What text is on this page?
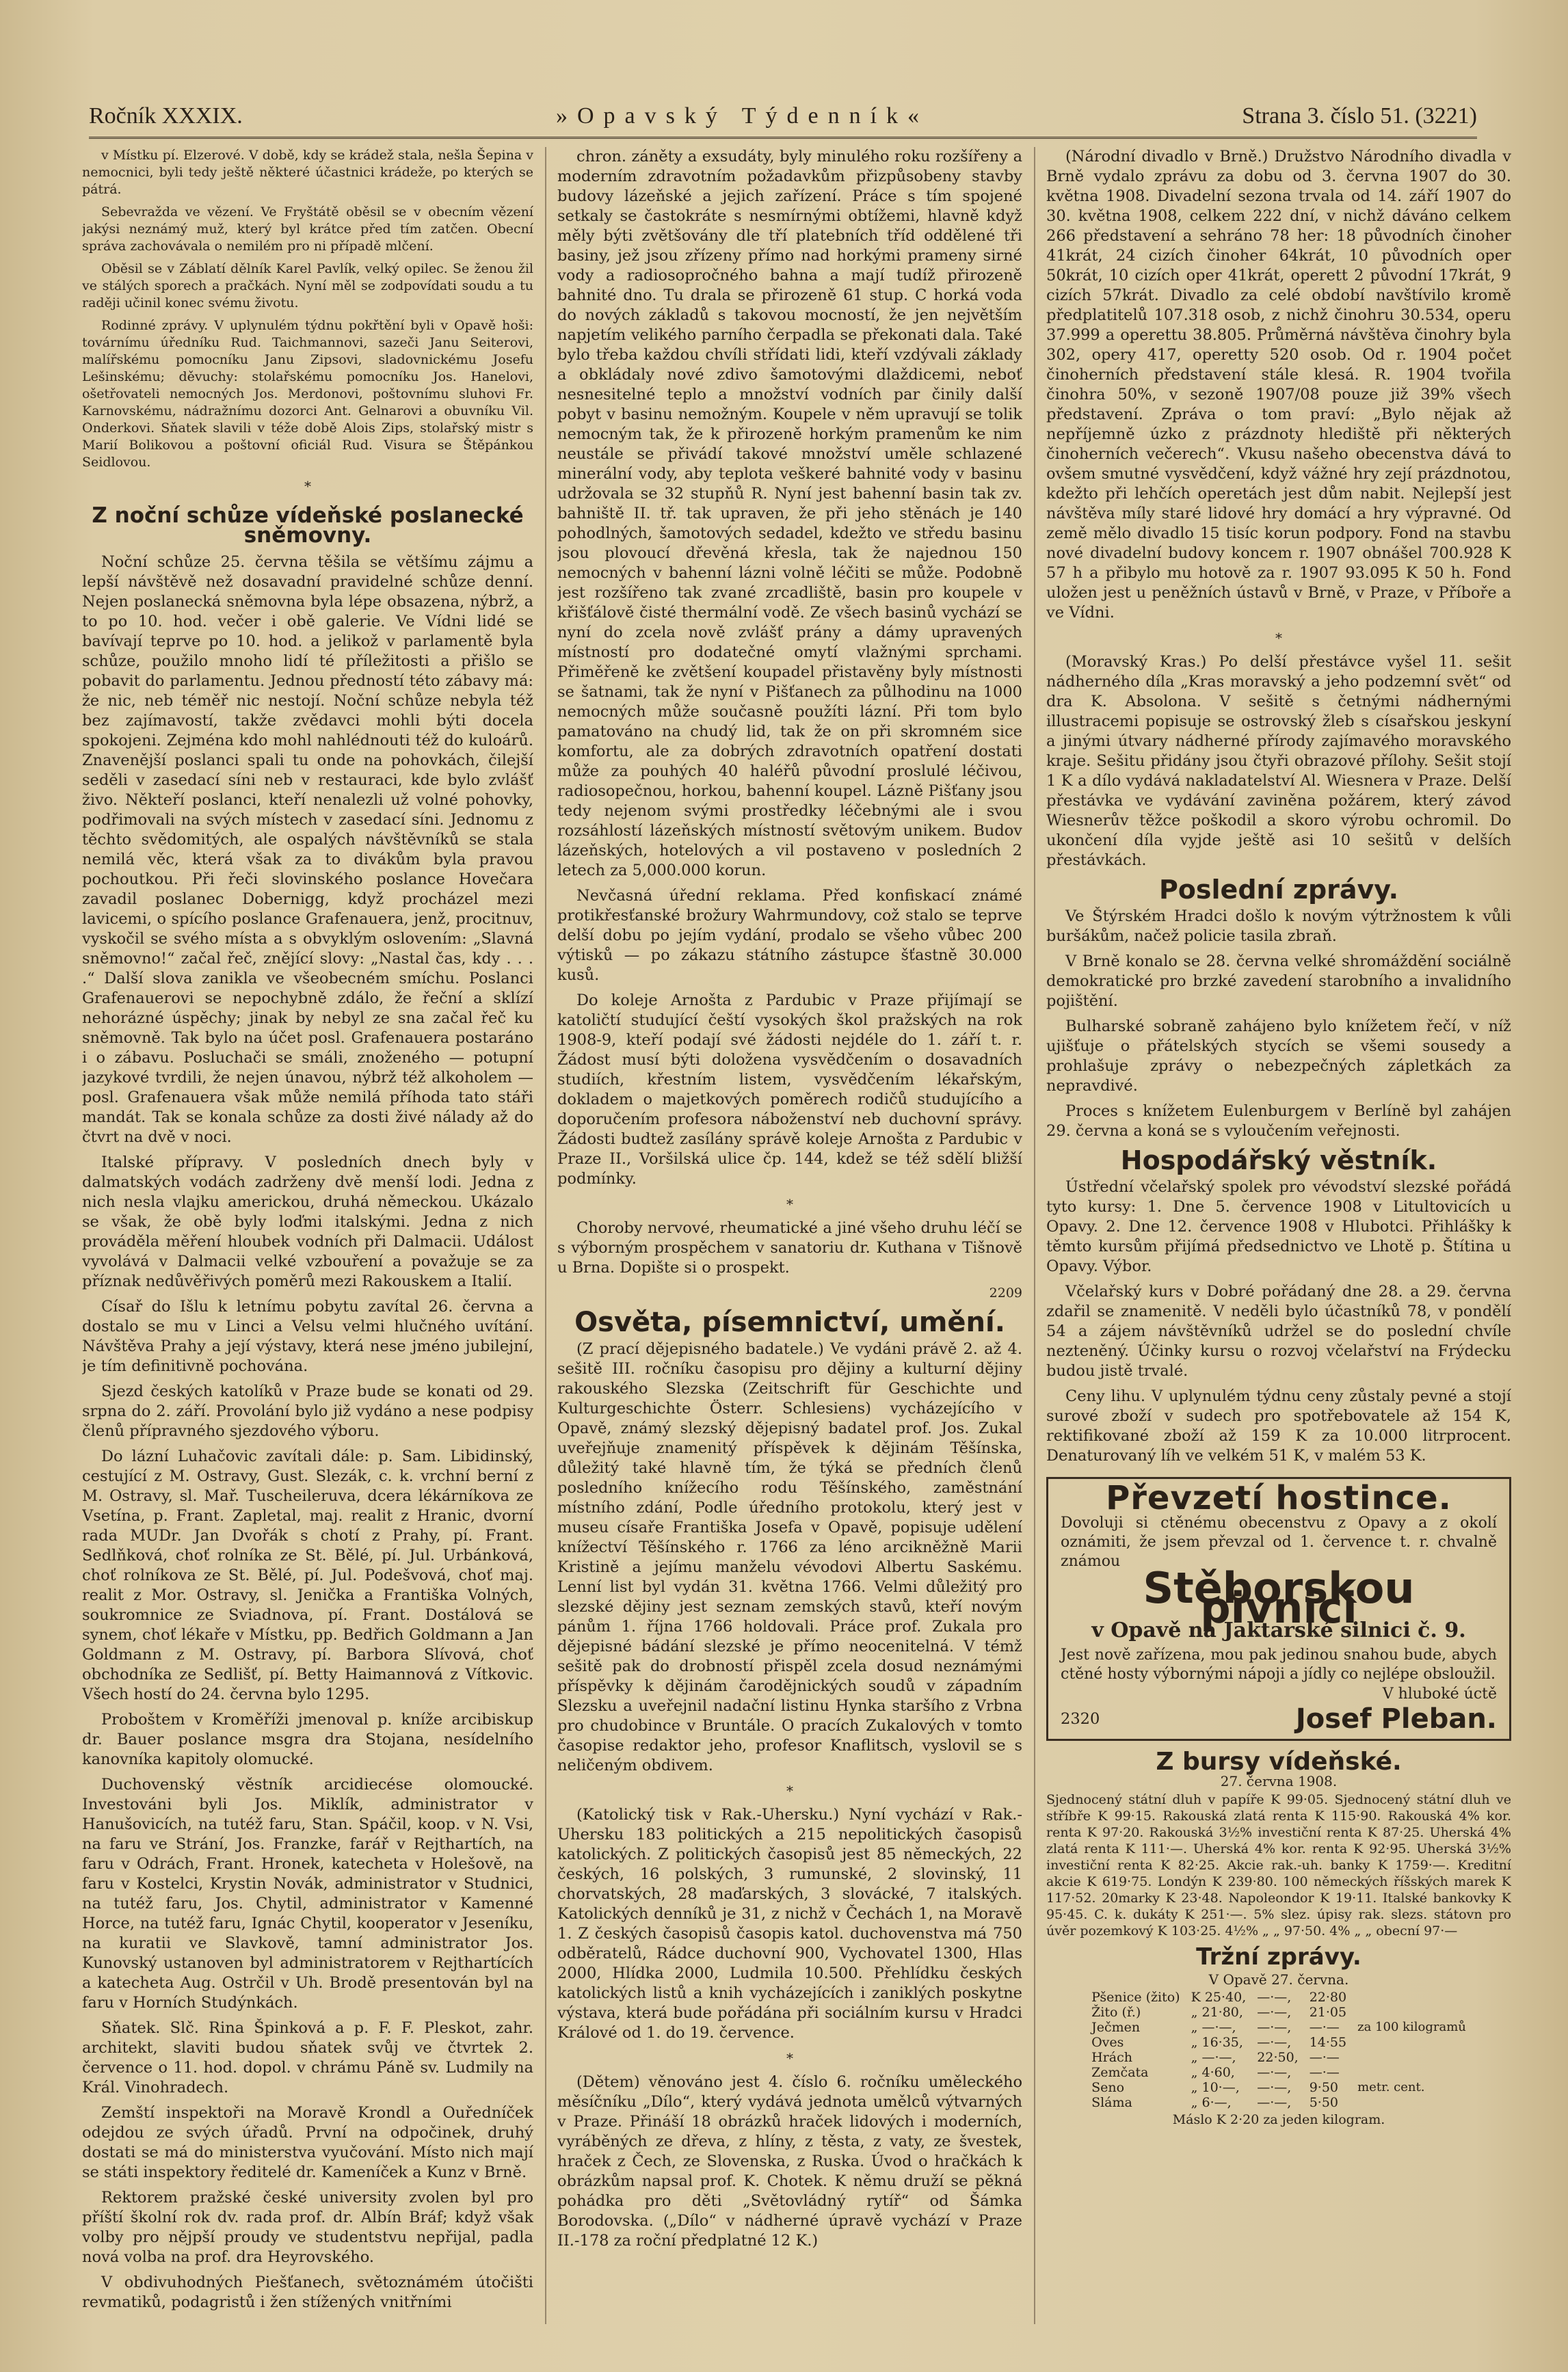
Ročník XXXIX.	»Opavský Týdenník«	Strana 3. číslo 51. (3221)

v Místku pí. Elzerové. V době, kdy se krádež stala, nešla Šepina v nemocnici, byli tedy ještě některé účastnici krádeže, po kterých se pátrá.

Sebevražda ve vězení. Ve Fryštátě oběsil se v obecním vězení jakýsi neznámý muž, který byl krátce před tím zatčen. Obecní správa zachovávala o nemilém pro ni případě mlčení.

Oběsil se v Záblatí dělník Karel Pavlík, velký opilec. Se ženou žil ve stálých sporech a pračkách. Nyní měl se zodpovídati soudu a tu raději učinil konec svému životu.

Rodinné zprávy. V uplynulém týdnu pokřtění byli v Opavě hoši: továrnímu úředníku Rud. Taichmannovi, sazeči Janu Seiterovi, malířskému pomocníku Janu Zipsovi, sladovnickému Josefu Lešinskému; děvuchy: stolařskému pomocníku Jos. Hanelovi, ošetřovateli nemocných Jos. Merdonovi, poštovnímu sluhovi Fr. Karnovskému, nádražnímu dozorci Ant. Gelnarovi a obuvníku Vil. Onderkovi. Sňatek slavili v téže době Alois Zips, stolařský mistr s Marií Bolikovou a poštovní oficiál Rud. Visura se Štěpánkou Seidlovou.

*
Z noční schůze vídeňské poslanecké sněmovny.

Noční schůze 25. června těšila se většímu zájmu a lepší návštěvě než dosavadní pravidelné schůze denní. Nejen poslanecká sněmovna byla lépe obsazena, nýbrž, a to po 10. hod. večer i obě galerie. Ve Vídni lidé se bavívají teprve po 10. hod. a jelikož v parlamentě byla schůze, použilo mnoho lidí té příležitosti a přišlo se pobavit do parlamentu. Jednou předností této zábavy má: že nic, neb téměř nic nestojí. Noční schůze nebyla též bez zajímavostí, takže zvědavci mohli býti docela spokojeni. Zejména kdo mohl nahlédnouti též do kuloárů. Znavenější poslanci spali tu onde na pohovkách, čilejší seděli v zasedací síni neb v restauraci, kde bylo zvlášť živo. Někteří poslanci, kteří nenalezli už volné pohovky, podřimovali na svých místech v zasedací síni. Jednomu z těchto svědomitých, ale ospalých návštěvníků se stala nemilá věc, která však za to divákům byla pravou pochoutkou. Při řeči slovinského poslance Hovečara zavadil poslanec Dobernigg, když procházel mezi lavicemi, o spícího poslance Grafenauera, jenž, procitnuv, vyskočil se svého místa a s obvyklým oslovením: „Slavná sněmovno!“ začal řeč, znějící slovy: „Nastal čas, kdy . . . .“ Další slova zanikla ve všeobecném smíchu. Poslanci Grafenauerovi se nepochybně zdálo, že řeční a sklízí nehorázné úspěchy; jinak by nebyl ze sna začal řeč ku sněmovně. Tak bylo na účet posl. Grafenauera postaráno i o zábavu. Posluchači se smáli, znoženého — potupní jazykové tvrdili, že nejen únavou, nýbrž též alkoholem — posl. Grafenauera však může nemilá příhoda tato stáři mandát. Tak se konala schůze za dosti živé nálady až do čtvrt na dvě v noci.

Italské přípravy. V posledních dnech byly v dalmatských vodách zadrženy dvě menší lodi. Jedna z nich nesla vlajku americkou, druhá německou. Ukázalo se však, že obě byly loďmi italskými. Jedna z nich prováděla měření hloubek vodních při Dalmacii. Událost vyvolává v Dalmacii velké vzbouření a považuje se za příznak nedůvěřivých poměrů mezi Rakouskem a Italií.

Císař do Išlu k letnímu pobytu zavítal 26. června a dostalo se mu v Linci a Velsu velmi hlučného uvítání. Návštěva Prahy a její výstavy, která nese jméno jubilejní, je tím definitivně pochována.

Sjezd českých katolíků v Praze bude se konati od 29. srpna do 2. září. Provolání bylo již vydáno a nese podpisy členů přípravného sjezdového výboru.

Do lázní Luhačovic zavítali dále: p. Sam. Libidinský, cestující z M. Ostravy, Gust. Slezák, c. k. vrchní berní z M. Ostravy, sl. Mař. Tuscheileruva, dcera lékárníkova ze Vsetína, p. Frant. Zapletal, maj. realit z Hranic, dvorní rada MUDr. Jan Dvořák s chotí z Prahy, pí. Frant. Sedlňková, choť rolníka ze St. Bělé, pí. Jul. Urbánková, choť rolníkova ze St. Bělé, pí. Jul. Podešvová, choť maj. realit z Mor. Ostravy, sl. Jenička a Františka Volných, soukromnice ze Sviadnova, pí. Frant. Dostálová se synem, choť lékaře v Místku, pp. Bedřich Goldmann a Jan Goldmann z M. Ostravy, pí. Barbora Slívová, choť obchodníka ze Sedlišť, pí. Betty Haimannová z Vítkovic. Všech hostí do 24. června bylo 1295.

Proboštem v Kroměříži jmenoval p. kníže arcibiskup dr. Bauer poslance msgra dra Stojana, nesídelního kanovníka kapitoly olomucké.

Duchovenský věstník arcidiecése olomoucké. Investováni byli Jos. Miklík, administrator v Hanušovicích, na tutéž faru, Stan. Spáčil, koop. v N. Vsi, na faru ve Strání, Jos. Franzke, farář v Rejthartích, na faru v Odrách, Frant. Hronek, katecheta v Holešově, na faru v Kostelci, Krystin Novák, administrator v Studnici, na tutéž faru, Jos. Chytil, administrator v Kamenné Horce, na tutéž faru, Ignác Chytil, kooperator v Jeseníku, na kuratii ve Slavkově, tamní administrator Jos. Kunovský ustanoven byl administratorem v Rejthartících a katecheta Aug. Ostrčil v Uh. Brodě presentován byl na faru v Horních Studýnkách.

Sňatek. Slč. Rina Špinková a p. F. F. Pleskot, zahr. architekt, slaviti budou sňatek svůj ve čtvrtek 2. července o 11. hod. dopol. v chrámu Páně sv. Ludmily na Král. Vinohradech.

Zemští inspektoři na Moravě Krondl a Ouředníček odejdou ze svých úřadů. První na odpočinek, druhý dostati se má do ministerstva vyučování. Místo nich mají se státi inspektory ředitelé dr. Kameníček a Kunz v Brně.

Rektorem pražské české university zvolen byl pro příští školní rok dv. rada prof. dr. Albín Bráf; když však volby pro nějpší proudy ve studentstvu nepřijal, padla nová volba na prof. dra Heyrovského.

V obdivuhodných Piešťanech, světoznámém útočišti revmatiků, podagristů i žen stížených vnitřními

chron. záněty a exsudáty, byly minulého roku rozšířeny a moderním zdravotním požadavkům přizpůsobeny stavby budovy lázeňské a jejich zařízení. Práce s tím spojené setkaly se častokráte s nesmírnými obtížemi, hlavně když měly býti zvětšovány dle tří platebních tříd oddělené tři basiny, jež jsou zřízeny přímo nad horkými prameny sirné vody a radiosopročného bahna a mají tudíž přirozeně bahnité dno. Tu drala se přirozeně 61 stup. C horká voda do nových základů s takovou mocností, že jen největším napjetím velikého parního čerpadla se překonati dala. Také bylo třeba každou chvíli střídati lidi, kteří vzdývali základy a obkládaly nové zdivo šamotovými dlaždicemi, neboť nesnesitelné teplo a množství vodních par činily další pobyt v basinu nemožným. Koupele v něm upravují se tolik nemocným tak, že k přirozeně horkým pramenům ke nim neustále se přivádí takové množství uměle schlazené minerální vody, aby teplota veškeré bahnité vody v basinu udržovala se 32 stupňů R. Nyní jest bahenní basin tak zv. bahniště II. tř. tak upraven, že při jeho stěnách je 140 pohodlných, šamotových sedadel, kdežto ve středu basinu jsou plovoucí dřevěná křesla, tak že najednou 150 nemocných v bahenní lázni volně léčiti se může. Podobně jest rozšířeno tak zvané zrcadliště, basin pro koupele v křišťálově čisté thermální vodě. Ze všech basinů vychází se nyní do zcela nově zvlášť prány a dámy upravených místností pro dodatečné omytí vlažnými sprchami. Přiměřeně ke zvětšení koupadel přistavěny byly místnosti se šatnami, tak že nyní v Pišťanech za půlhodinu na 1000 nemocných může současně použíti lázní. Při tom bylo pamatováno na chudý lid, tak že on při skromném sice komfortu, ale za dobrých zdravotních opatření dostati může za pouhých 40 haléřů původní proslulé léčivou, radiosopečnou, horkou, bahenní koupel. Lázně Pišťany jsou tedy nejenom svými prostředky léčebnými ale i svou rozsáhlostí lázeňských místností světovým unikem. Budov lázeňských, hotelových a vil postaveno v posledních 2 letech za 5,000.000 korun.

Nevčasná úřední reklama. Před konfiskací známé protikřesťanské brožury Wahrmundovy, což stalo se teprve delší dobu po jejím vydání, prodalo se všeho vůbec 200 výtisků — po zákazu státního zástupce šťastně 30.000 kusů.

Do koleje Arnošta z Pardubic v Praze přijímají se katoličtí studující čeští vysokých škol pražských na rok 1908-9, kteří podají své žádosti nejdéle do 1. září t. r. Žádost musí býti doložena vysvědčením o dosavadních studiích, křestním listem, vysvědčením lékařským, dokladem o majetkových poměrech rodičů studujícího a doporučením profesora náboženství neb duchovní správy. Žádosti budtež zasílány správě koleje Arnošta z Pardubic v Praze II., Voršilská ulice čp. 144, kdež se též sdělí bližší podmínky.

*

Choroby nervové, rheumatické a jiné všeho druhu léčí se s výborným prospěchem v sanatoriu dr. Kuthana v Tišnově u Brna. Dopište si o prospekt.

2209
Osvěta, písemnictví, umění.

(Z prací dějepisného badatele.) Ve vydáni právě 2. až 4. sešitě III. ročníku časopisu pro dějiny a kulturní dějiny rakouského Slezska (Zeitschrift für Geschichte und Kulturgeschichte Österr. Schlesiens) vycházejícího v Opavě, známý slezský dějepisný badatel prof. Jos. Zukal uveřejňuje znamenitý příspěvek k dějinám Těšínska, důležitý také hlavně tím, že týká se předních členů posledního knížecího rodu Těšínského, zaměstnání místního zdání, Podle úředního protokolu, který jest v museu císaře Františka Josefa v Opavě, popisuje udělení knížectví Těšínského r. 1766 za léno arcikněžně Marii Kristině a jejímu manželu vévodovi Albertu Saskému. Lenní list byl vydán 31. května 1766. Velmi důležitý pro slezské dějiny jest seznam zemských stavů, kteří novým pánům 1. října 1766 holdovali. Práce prof. Zukala pro dějepisné bádání slezské je přímo neocenitelná. V témž sešitě pak do drobností přispěl zcela dosud neznámými příspěvky k dějinám čarodějnických soudů v západním Slezsku a uveřejnil nadační listinu Hynka staršího z Vrbna pro chudobince v Bruntále. O pracích Zukalových v tomto časopise redaktor jeho, profesor Knaflitsch, vyslovil se s neličeným obdivem.

*

(Katolický tisk v Rak.-Uhersku.) Nyní vychází v Rak.-Uhersku 183 politických a 215 nepolitických časopisů katolických. Z politických časopisů jest 85 německých, 22 českých, 16 polských, 3 rumunské, 2 slovinský, 11 chorvatských, 28 maďarských, 3 slovácké, 7 italských. Katolických denníků je 31, z nichž v Čechách 1, na Moravě 1. Z českých časopisů časopis katol. duchovenstva má 750 odběratelů, Rádce duchovní 900, Vychovatel 1300, Hlas 2000, Hlídka 2000, Ludmila 10.500. Přehlídku českých katolických listů a knih vycházejících i zaniklých poskytne výstava, která bude pořádána při sociálním kursu v Hradci Králové od 1. do 19. července.

*

(Dětem) věnováno jest 4. číslo 6. ročníku uměleckého měsíčníku „Dílo“, který vydává jednota umělců výtvarných v Praze. Přináší 18 obrázků hraček lidových i moderních, vyráběných ze dřeva, z hlíny, z těsta, z vaty, ze švestek, hraček z Čech, ze Slovenska, z Ruska. Úvod o hračkách k obrázkům napsal prof. K. Chotek. K němu druží se pěkná pohádka pro děti „Světovládný rytíř“ od Šámka Borodovska. („Dílo“ v nádherné úpravě vychází v Praze II.-178 za roční předplatné 12 K.)

(Národní divadlo v Brně.) Družstvo Národního divadla v Brně vydalo zprávu za dobu od 3. června 1907 do 30. května 1908. Divadelní sezona trvala od 14. září 1907 do 30. května 1908, celkem 222 dní, v nichž dáváno celkem 266 představení a sehráno 78 her: 18 původních činoher 41krát, 24 cizích činoher 64krát, 10 původních oper 50krát, 10 cizích oper 41krát, operett 2 původní 17krát, 9 cizích 57krát. Divadlo za celé období navštívilo kromě předplatitelů 107.318 osob, z nichž činohru 30.534, operu 37.999 a operettu 38.805. Průměrná návštěva činohry byla 302, opery 417, operetty 520 osob. Od r. 1904 počet činoherních představení stále klesá. R. 1904 tvořila činohra 50%, v sezoně 1907/08 pouze již 39% všech představení. Zpráva o tom praví: „Bylo nějak až nepříjemně úzko z prázdnoty hlediště při některých činoherních večerech“. Vkusu našeho obecenstva dává to ovšem smutné vysvědčení, když vážné hry zejí prázdnotou, kdežto při lehčích operetách jest dům nabit. Nejlepší jest návštěva míly staré lidové hry domácí a hry výpravné. Od země mělo divadlo 15 tisíc korun podpory. Fond na stavbu nové divadelní budovy koncem r. 1907 obnášel 700.928 K 57 h a přibylo mu hotově za r. 1907 93.095 K 50 h. Fond uložen jest u peněžních ústavů v Brně, v Praze, v Příboře a ve Vídni.

*

(Moravský Kras.) Po delší přestávce vyšel 11. sešit nádherného díla „Kras moravský a jeho podzemní svět“ od dra K. Absolona. V sešitě s četnými nádhernými illustracemi popisuje se ostrovský žleb s císařskou jeskyní a jinými útvary nádherné přírody zajímavého moravského kraje. Sešitu přidány jsou čtyři obrazové přílohy. Sešit stojí 1 K a dílo vydává nakladatelství Al. Wiesnera v Praze. Delší přestávka ve vydávání zaviněna požárem, který závod Wiesnerův těžce poškodil a skoro výrobu ochromil. Do ukončení díla vyjde ještě asi 10 sešitů v delších přestávkách.

Poslední zprávy.

Ve Štýrském Hradci došlo k novým výtržnostem k vůli buršákům, načež policie tasila zbraň.

V Brně konalo se 28. června velké shromáždění sociálně demokratické pro brzké zavedení starobního a invalidního pojištění.

Bulharské sobraně zahájeno bylo knížetem řečí, v níž ujišťuje o přátelských stycích se všemi sousedy a prohlašuje zprávy o nebezpečných zápletkách za nepravdivé.

Proces s knížetem Eulenburgem v Berlíně byl zahájen 29. června a koná se s vyloučením veřejnosti.

Hospodářský věstník.

Ústřední včelařský spolek pro vévodství slezské pořádá tyto kursy: 1. Dne 5. července 1908 v Litultovicích u Opavy. 2. Dne 12. července 1908 v Hlubotci. Přihlášky k těmto kursům přijímá předsednictvo ve Lhotě p. Štítina u Opavy. Výbor.

Včelařský kurs v Dobré pořádaný dne 28. a 29. června zdařil se znamenitě. V neděli bylo účastníků 78, v pondělí 54 a zájem návštěvníků udržel se do poslední chvíle nezteněný. Účinky kursu o rozvoj včelařství na Frýdecku budou jistě trvalé.

Ceny lihu. V uplynulém týdnu ceny zůstaly pevné a stojí surové zboží v sudech pro spotřebovatele až 154 K, rektifikované zboží až 159 K za 10.000 litrprocent. Denaturovaný líh ve velkém 51 K, v malém 53 K.

Převzetí hostince.
Dovoluji si ctěnému obecenstvu z Opavy a z okolí oznámiti, že jsem převzal od 1. července t. r. chvalně známou
Stěborskou pivnici
v Opavě na Jaktarské silnici č. 9.
Jest nově zařízena, mou pak jedinou snahou bude, abych ctěné hosty výbornými nápoji a jídly co nejlépe obsloužil.
V hluboké úctě
2320	Josef Pleban.
Z bursy vídeňské.
27. června 1908.
Sjednocený státní dluh v papíře K 99·05. Sjednocený státní dluh ve stříbře K 99·15. Rakouská zlatá renta K 115·90. Rakouská 4% kor. renta K 97·20. Rakouská 3½% investiční renta K 87·25. Uherská 4% zlatá renta K 111·—. Uherská 4% kor. renta K 92·95. Uherská 3½% investiční renta K 82·25. Akcie rak.-uh. banky K 1759·—. Kreditní akcie K 619·75. Londýn K 239·80. 100 německých říšských marek K 117·52. 20marky K 23·48. Napoleondor K 19·11. Italské bankovky K 95·45. C. k. dukáty K 251·—. 5% slez. úpisy rak. slezs. státovn pro úvěr pozemkový K 103·25. 4½% „ „ 97·50. 4% „ „ obecní 97·—
Tržní zprávy.
V Opavě 27. června.
Pšenice (žito)	K 25·40,	—·—,	22·80	
Žito (ř.)	„ 21·80,	—·—,	21·05	
Ječmen	„ —·—,	—·—,	—·—	za 100 kilogramů
Oves	„ 16·35,	—·—,	14·55	
Hrách	„ —·—,	22·50,	—·—	
Zemčata	„ 4·60,	—·—,	—·—	
Seno	„ 10·—,	—·—,	9·50	metr. cent.
Sláma	„ 6·—,	—·—,	5·50	
Máslo K 2·20 za jeden kilogram.
